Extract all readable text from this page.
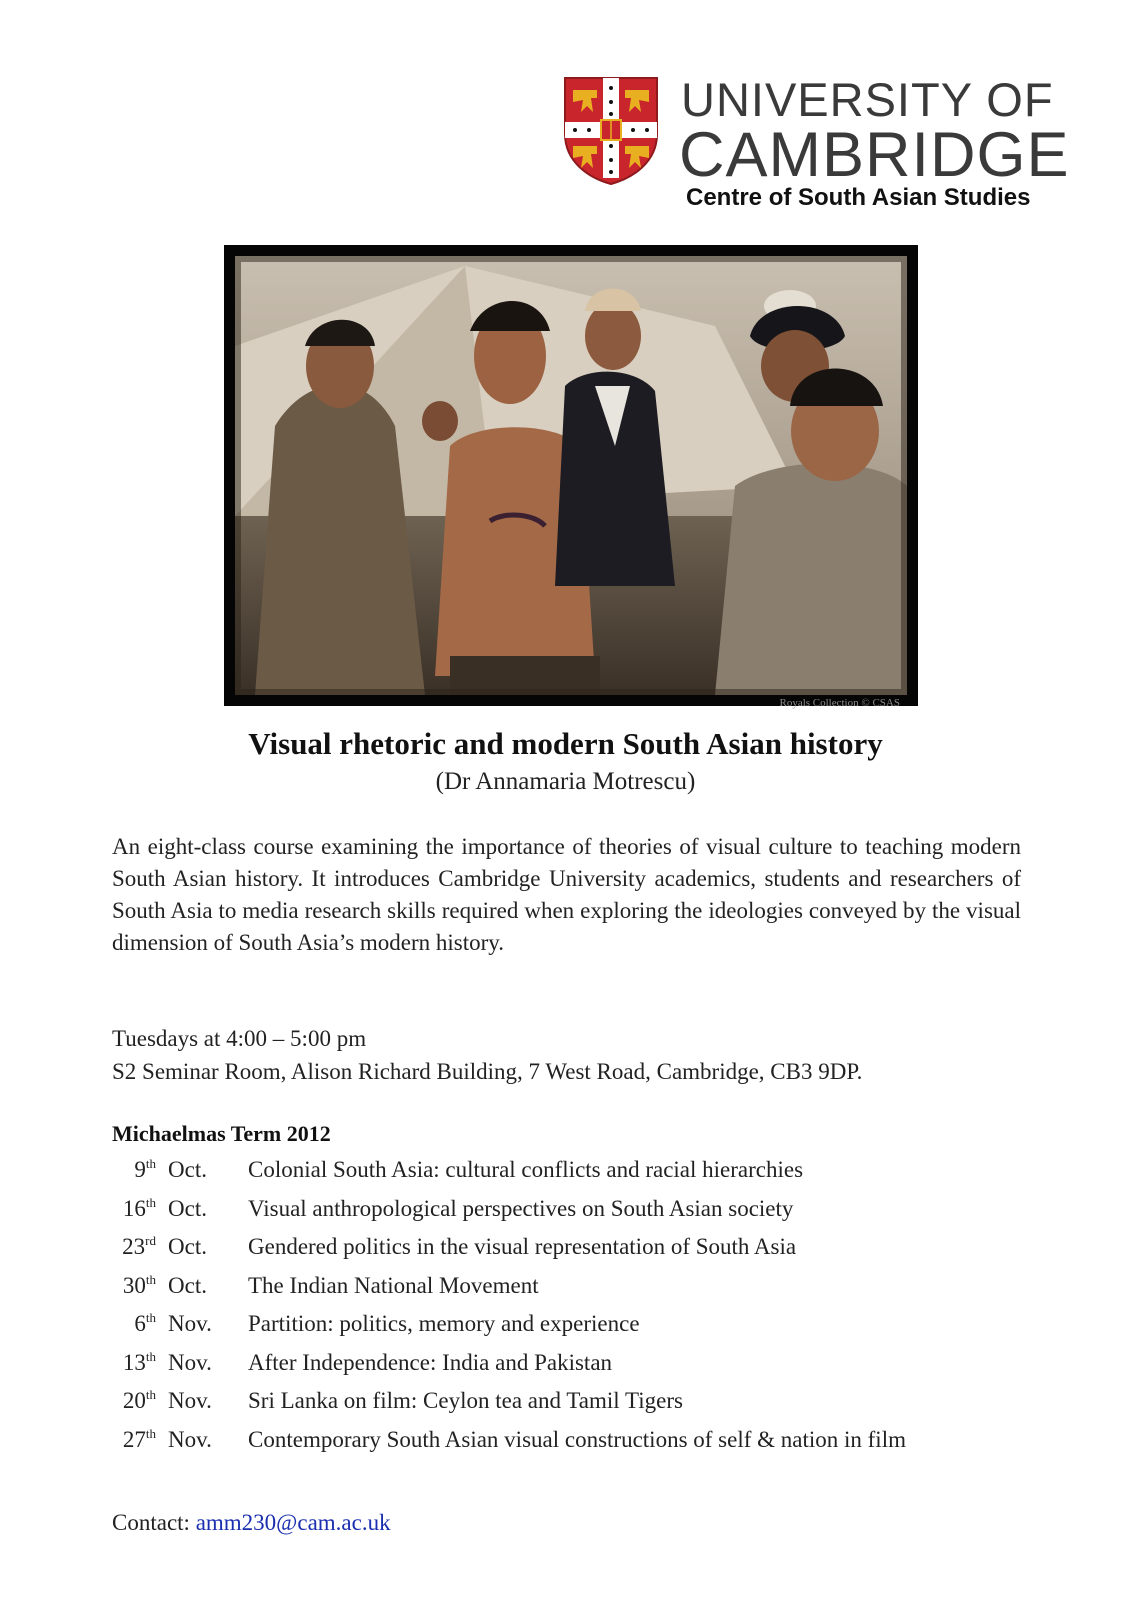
UNIVERSITY OF
CAMBRIDGE
Centre of South Asian Studies
Royals Collection © CSAS
Visual rhetoric and modern South Asian history
(Dr Annamaria Motrescu)

An eight-class course examining the importance of theories of visual culture to teaching modern South Asian history. It introduces Cambridge University academics, students and researchers of South Asia to media research skills required when exploring the ideologies conveyed by the visual dimension of South Asia’s modern history.

Tuesdays at 4:00 – 5:00 pm
S2 Seminar Room, Alison Richard Building, 7 West Road, Cambridge, CB3 9DP.
Michaelmas Term 2012
9th Oct. Colonial South Asia: cultural conflicts and racial hierarchies
16th Oct. Visual anthropological perspectives on South Asian society
23rd Oct. Gendered politics in the visual representation of South Asia
30th Oct. The Indian National Movement
6th Nov. Partition: politics, memory and experience
13th Nov. After Independence: India and Pakistan
20th Nov. Sri Lanka on film: Ceylon tea and Tamil Tigers
27th Nov. Contemporary South Asian visual constructions of self & nation in film
Contact: amm230@cam.ac.uk
